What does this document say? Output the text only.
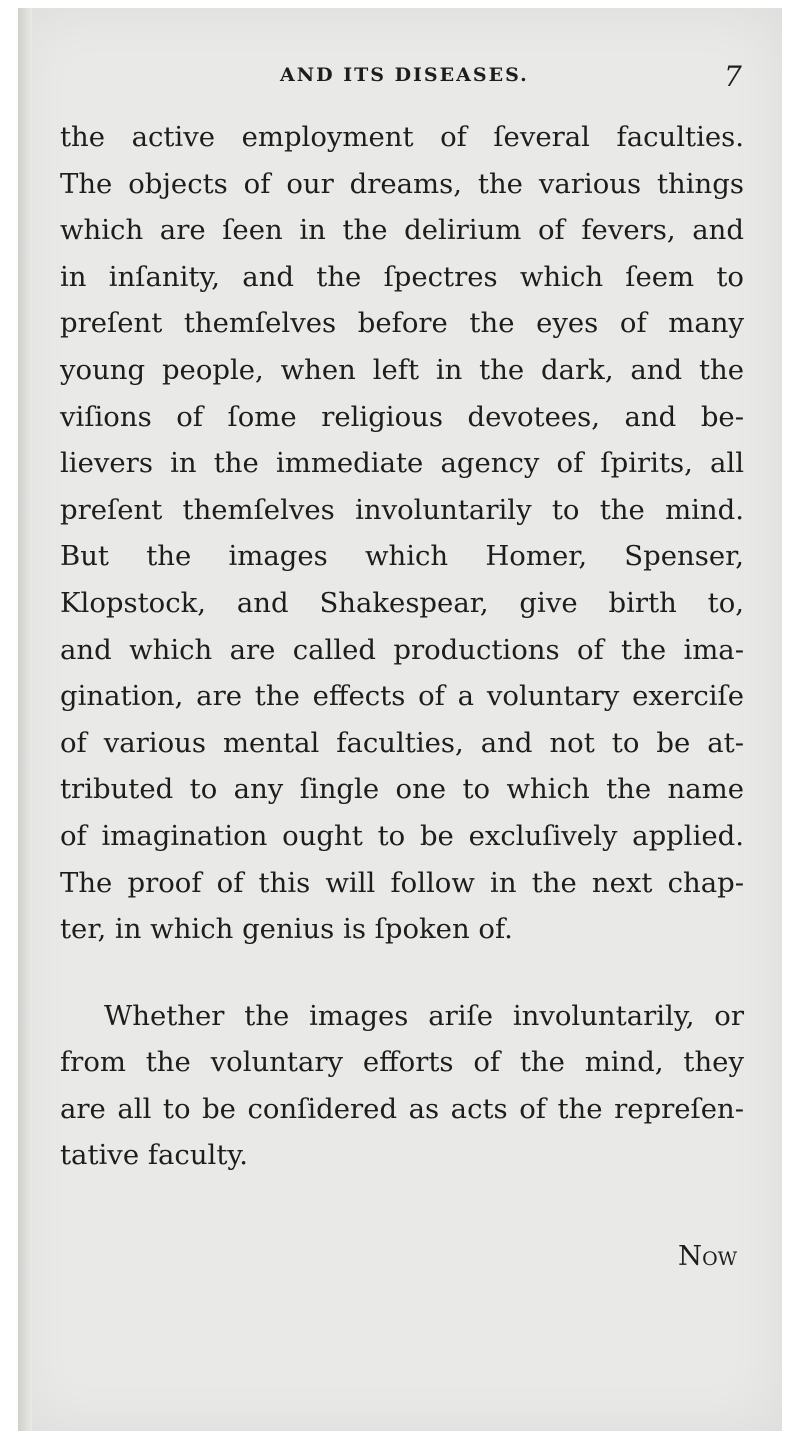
AND ITS DISEASES.	7
the active employment of ſeveral faculties.
The objects of our dreams, the various things
which are ſeen in the delirium of fevers, and
in inſanity, and the ſpectres which ſeem to
preſent themſelves before the eyes of many
young people, when left in the dark, and the
viſions of ſome religious devotees, and be-
lievers in the immediate agency of ſpirits, all
preſent themſelves involuntarily to the mind.
But the images which Homer, Spenser,
Klopstock, and Shakespear, give birth to,
and which are called productions of the ima-
gination, are the effects of a voluntary exerciſe
of various mental faculties, and not to be at-
tributed to any ſingle one to which the name
of imagination ought to be excluſively applied.
The proof of this will follow in the next chap-
ter, in which genius is ſpoken of.
Whether the images ariſe involuntarily, or
from the voluntary efforts of the mind, they
are all to be conſidered as acts of the repreſen-
tative faculty.
Now
